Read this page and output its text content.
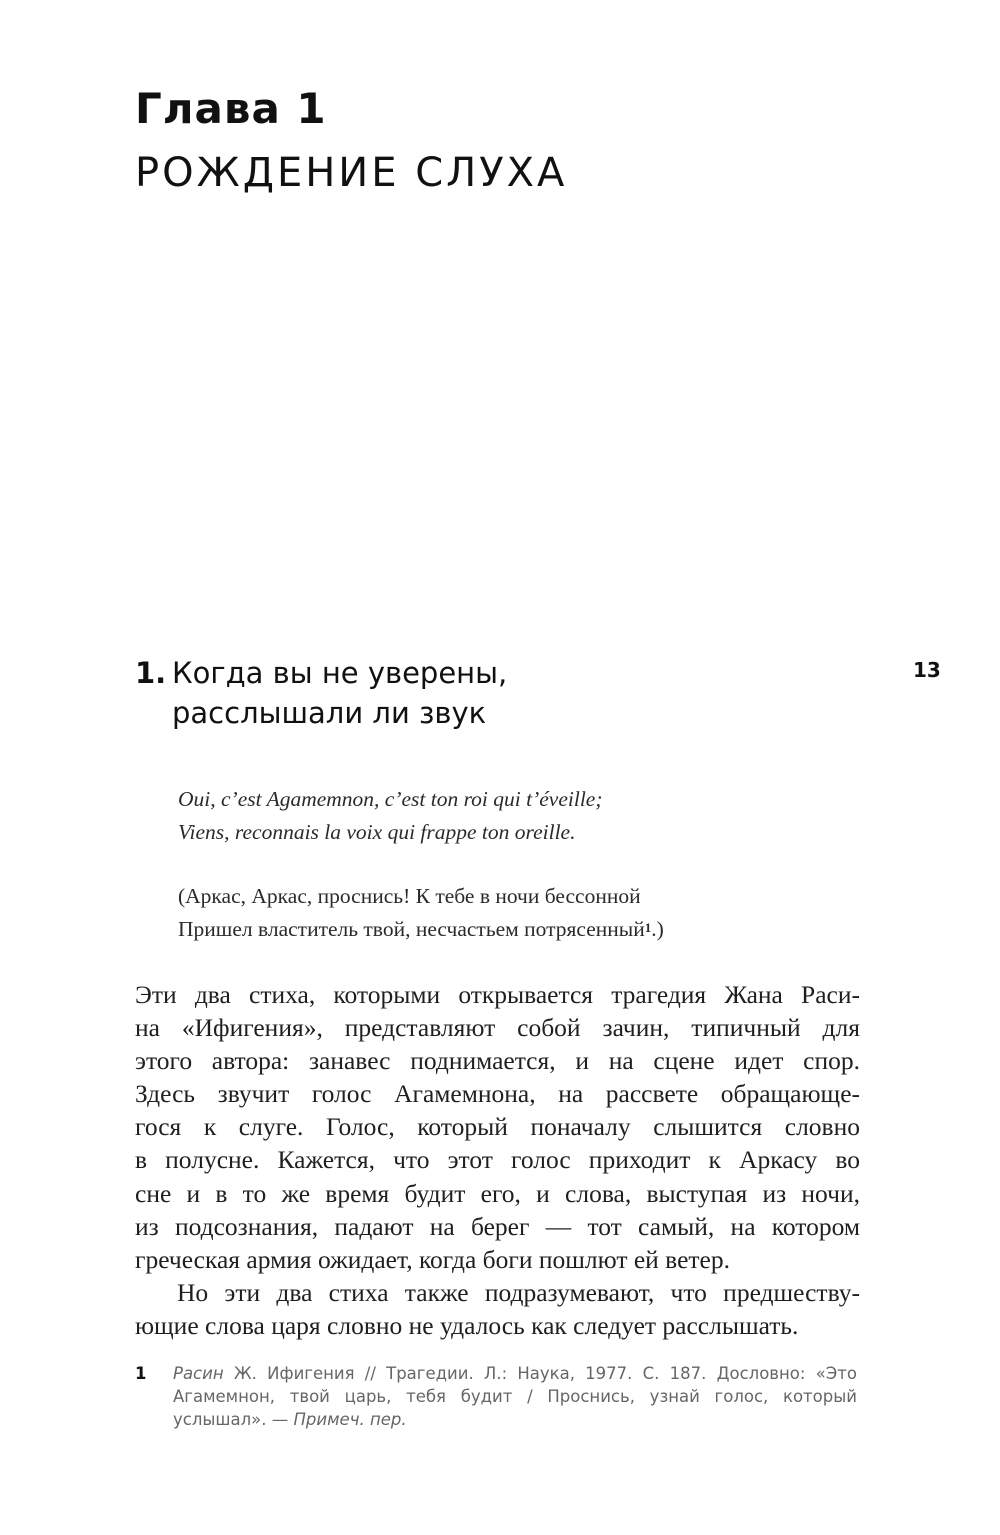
Глава 1
РОЖДЕНИЕ СЛУХА
13
1. Когда вы не уверены,
расслышали ли звук
Oui, c’est Agamemnon, c’est ton roi qui t’éveille;
Viens, reconnais la voix qui frappe ton oreille.
(Аркас, Аркас, проснись! К тебе в ночи бессонной
Пришел властитель твой, несчастьем потрясенный$^1$.)
Эти два стиха, которыми открывается трагедия Жана Раси-
на «Ифигения», представляют собой зачин, типичный для
этого автора: занавес поднимается, и на сцене идет спор.
Здесь звучит голос Агамемнона, на рассвете обращающе-
гося к слуге. Голос, который поначалу слышится словно
в полусне. Кажется, что этот голос приходит к Аркасу во
сне и в то же время будит его, и слова, выступая из ночи,
из подсознания, падают на берег — тот самый, на котором
греческая армия ожидает, когда боги пошлют ей ветер.
Но эти два стиха также подразумевают, что предшеству-
ющие слова царя словно не удалось как следует расслышать.
1	Расин Ж. Ифигения // Трагедии. Л.: Наука, 1977. С. 187. Дословно: «Это
Агамемнон, твой царь, тебя будит / Проснись, узнай голос, который
услышал». — Примеч. пер.
